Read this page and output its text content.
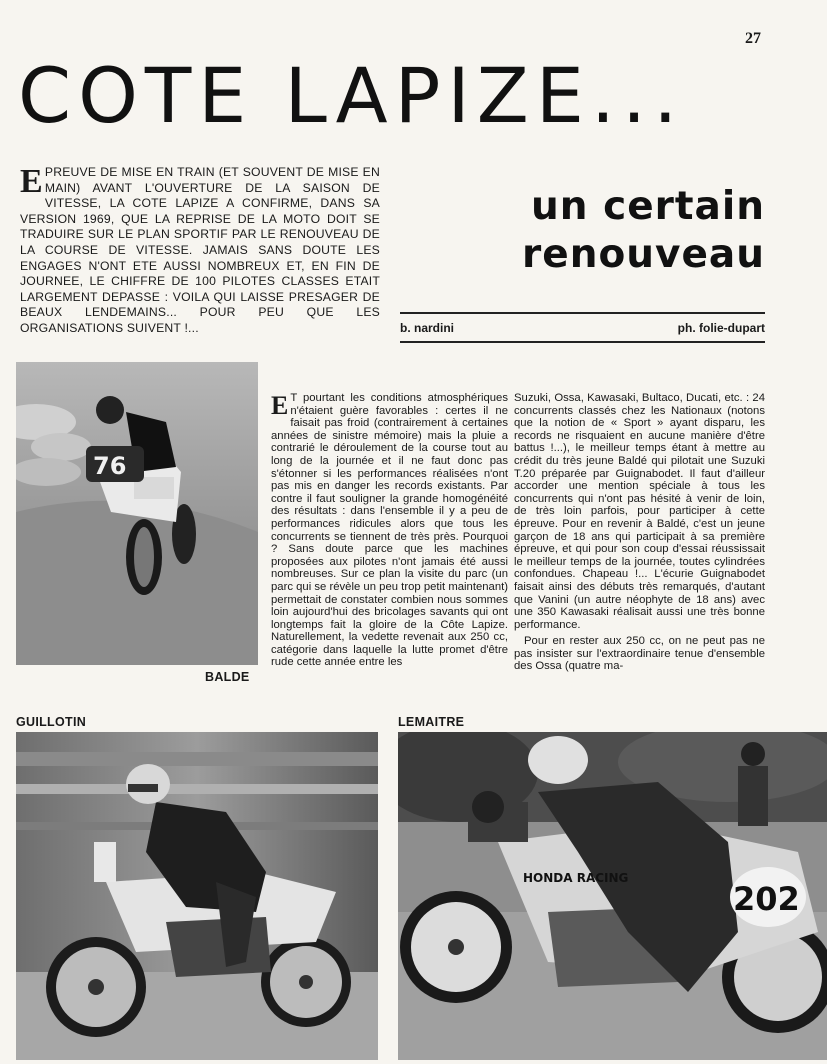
27
COTE LAPIZE...
EPREUVE DE MISE EN TRAIN (ET SOUVENT DE MISE EN MAIN) AVANT L'OUVERTURE DE LA SAISON DE VITESSE, LA COTE LAPIZE A CONFIRME, DANS SA VERSION 1969, QUE LA REPRISE DE LA MOTO DOIT SE TRADUIRE SUR LE PLAN SPORTIF PAR LE RENOUVEAU DE LA COURSE DE VITESSE. JAMAIS SANS DOUTE LES ENGAGES N'ONT ETE AUSSI NOMBREUX ET, EN FIN DE JOURNEE, LE CHIFFRE DE 100 PILOTES CLASSES ETAIT LARGEMENT DEPASSE : VOILA QUI LAISSE PRESAGER DE BEAUX LENDEMAINS... POUR PEU QUE LES ORGANISATIONS SUIVENT !...
un certain
renouveau
b. nardini	ph. folie-dupart
76
BALDE

E T pourtant les conditions atmosphériques n'étaient guère favorables : certes il ne faisait pas froid (contrairement à certaines années de sinistre mémoire) mais la pluie a contrarié le déroulement de la course tout au long de la journée et il ne faut donc pas s'étonner si les performances réalisées n'ont pas mis en danger les records existants. Par contre il faut souligner la grande homogénéité des résultats : dans l'ensemble il y a peu de performances ridicules alors que tous les concurrents se tiennent de très près. Pourquoi ? Sans doute parce que les machines proposées aux pilotes n'ont jamais été aussi nombreuses. Sur ce plan la visite du parc (un parc qui se révèle un peu trop petit maintenant) permettait de constater combien nous sommes loin aujourd'hui des bricolages savants qui ont longtemps fait la gloire de la Côte Lapize. Naturellement, la vedette revenait aux 250 cc, catégorie dans laquelle la lutte promet d'être rude cette année entre les

Suzuki, Ossa, Kawasaki, Bultaco, Ducati, etc. : 24 concurrents classés chez les Nationaux (notons que la notion de « Sport » ayant disparu, les records ne risquaient en aucune manière d'être battus !...), le meilleur temps étant à mettre au crédit du très jeune Baldé qui pilotait une Suzuki T.20 préparée par Guignabodet. Il faut d'ailleur accorder une mention spéciale à tous les concurrents qui n'ont pas hésité à venir de loin, de très loin parfois, pour participer à cette épreuve. Pour en revenir à Baldé, c'est un jeune garçon de 18 ans qui participait à sa première épreuve, et qui pour son coup d'essai réussissait le meilleur temps de la journée, toutes cylindrées confondues. Chapeau !... L'écurie Guignabodet faisait ainsi des débuts très remarqués, d'autant que Vanini (un autre néophyte de 18 ans) avec une 350 Kawasaki réalisait aussi une très bonne performance.

Pour en rester aux 250 cc, on ne peut pas ne pas insister sur l'extraordinaire tenue d'ensemble des Ossa (quatre ma-

GUILLOTIN	LEMAITRE
HONDA RACING
202
